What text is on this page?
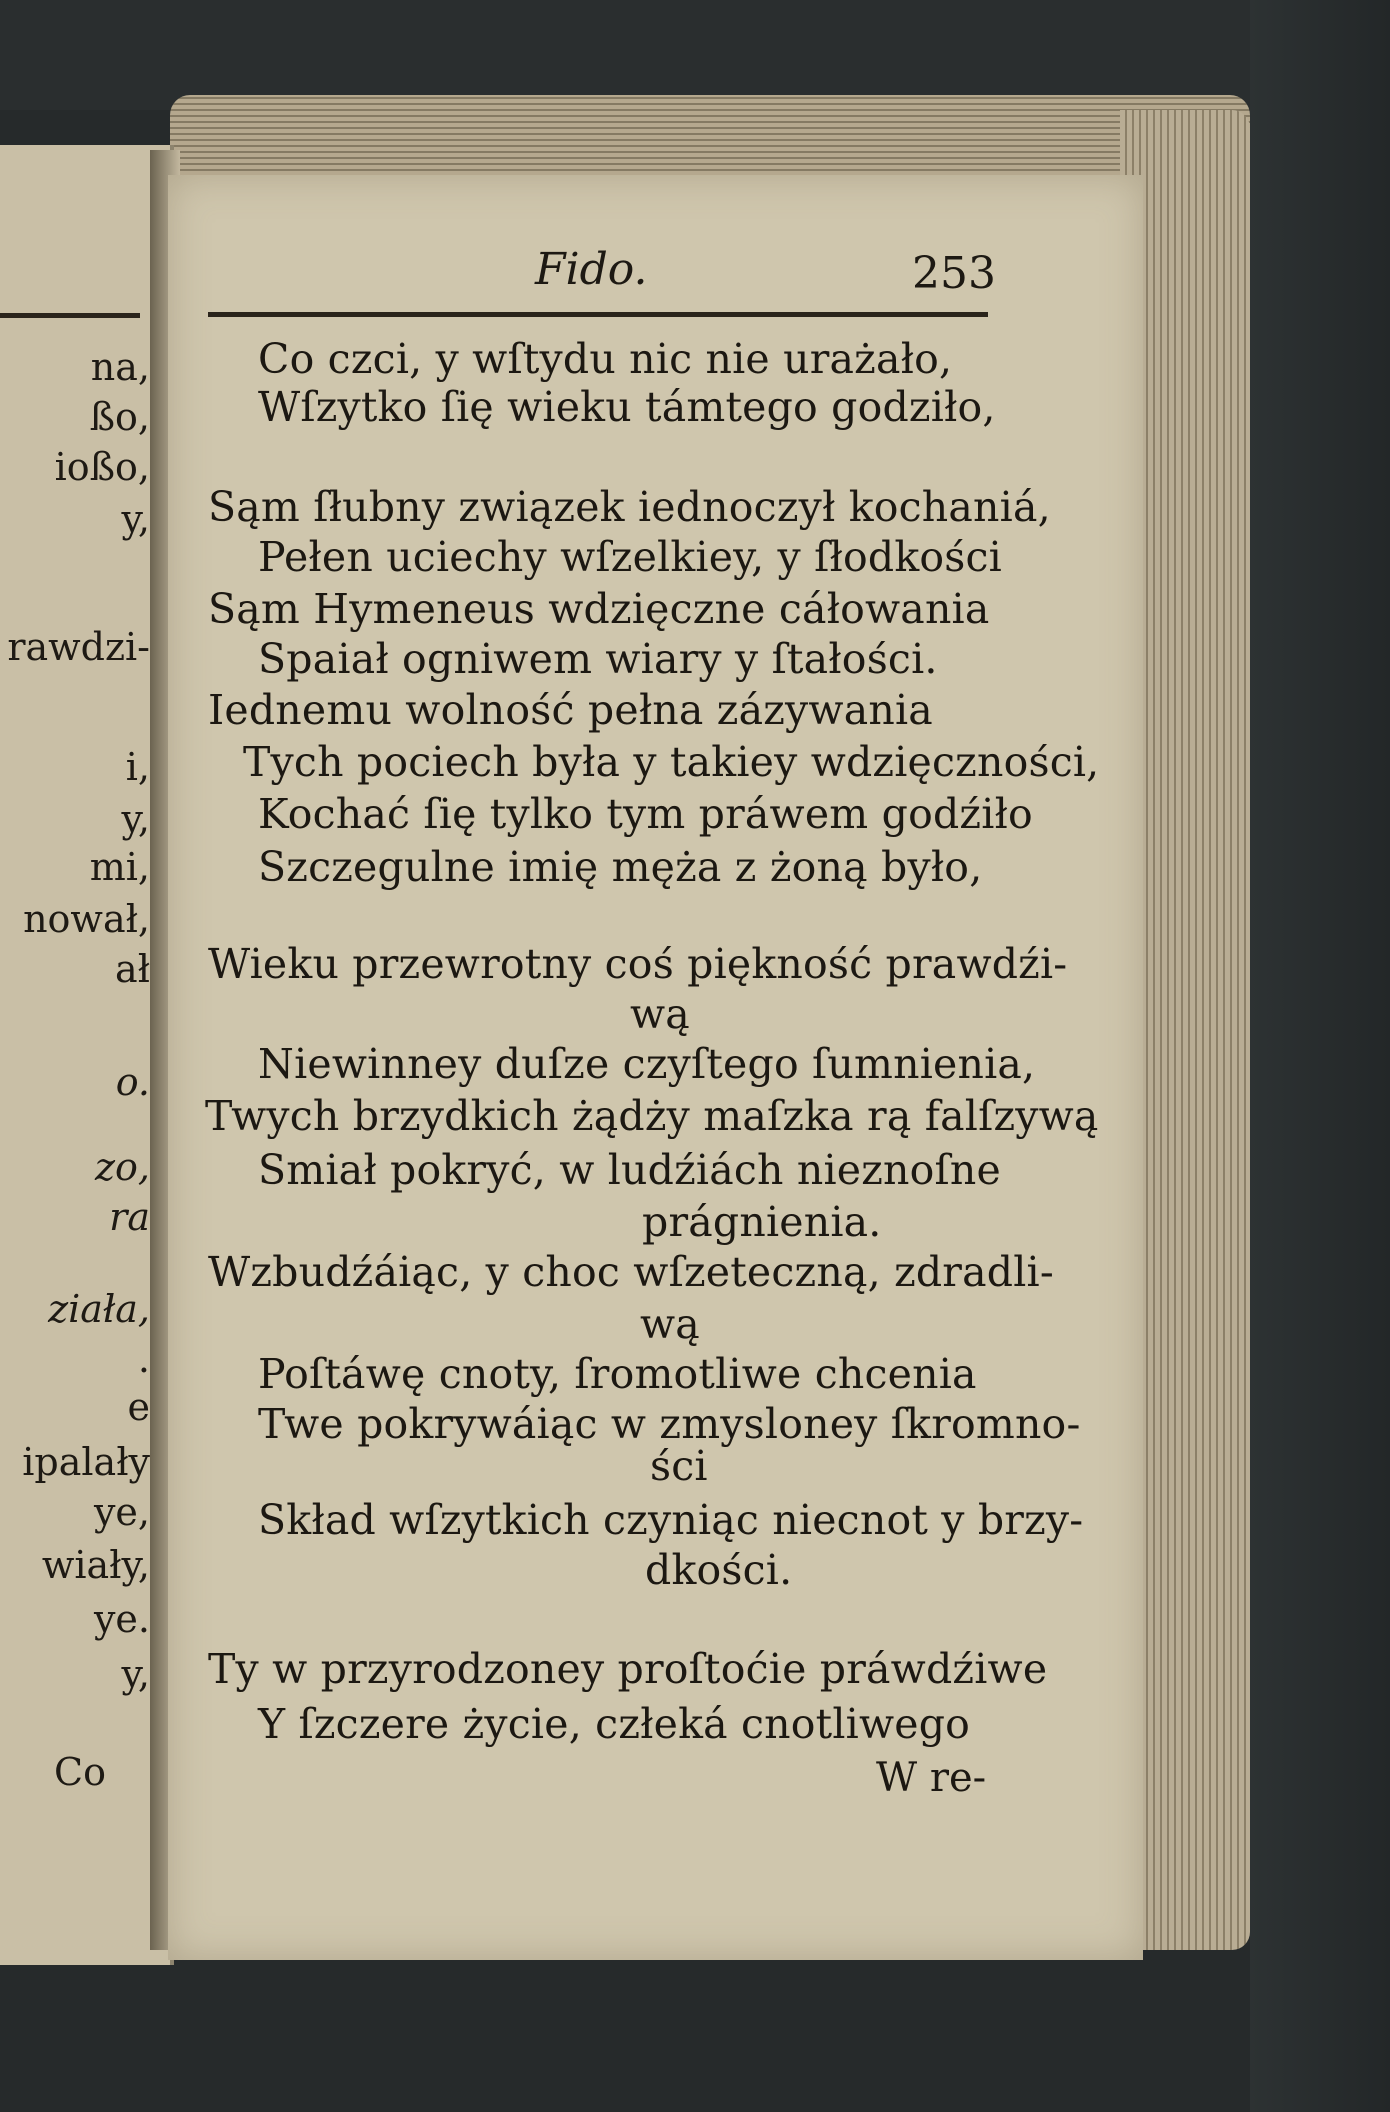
na,
ßo,
ioßo,
y,
rawdzi-
i,
y,
mi,
nował,
ał
o.
zo,
ra
ziała,
.
e
ipalały
ye,
wiały,
ye.
y,
Co
Fido.	253
Co czci, y wſtydu nic nie urażało,
Wſzytko ſię wieku támtego godziło,
Sąm ſłubny związek iednoczył kochaniá,
Pełen uciechy wſzelkiey, y ſłodkości
Sąm Hymeneus wdzięczne cáłowania
Spaiał ogniwem wiary y ſtałości.
Iednemu wolność pełna zázywania
Tych pociech była y takiey wdzięczności,
Kochać ſię tylko tym práwem godźiło
Szczegulne imię męża z żoną było,
Wieku przewrotny coś piękność prawdźi-
wą
Niewinney duſze czyſtego ſumnienia,
Twych brzydkich żądży maſzka rą falſzywą
Smiał pokryć, w ludźiách nieznoſne
prágnienia.
Wzbudźáiąc, y choc wſzeteczną, zdradli-
wą
Poſtáwę cnoty, ſromotliwe chcenia
Twe pokrywáiąc w zmysloney ſkromno-
ści
Skład wſzytkich czyniąc niecnot y brzy-
dkości.
Ty w przyrodzoney proſtoćie práwdźiwe
Y ſzczere życie, człeká cnotliwego
W re-
